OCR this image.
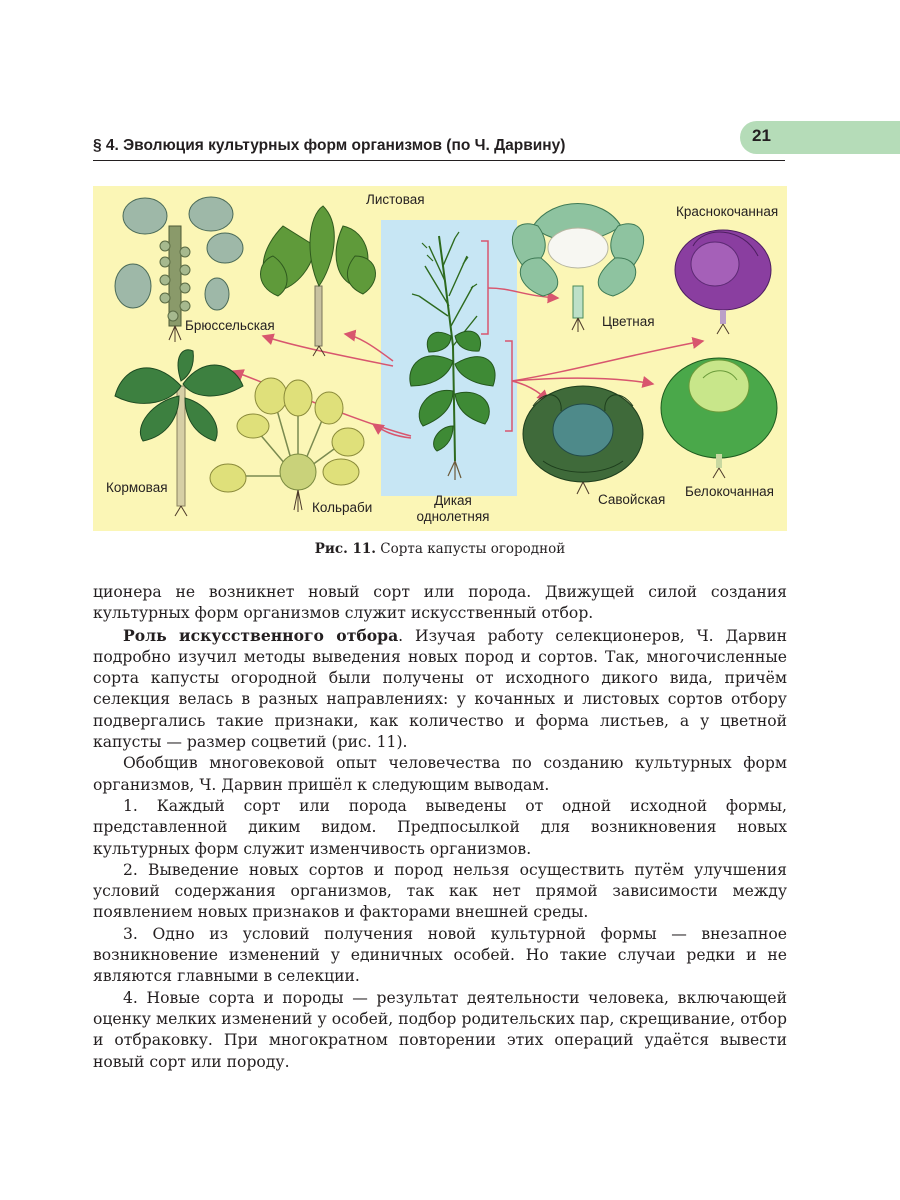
21
§ 4. Эволюция культурных форм организмов (по Ч. Дарвину)
Листовая
Краснокочанная
Брюссельская	Цветная
Кормовая
Кольраби	Дикая
однолетняя
Савойская
Белокочанная
Рис. 11. Сорта капусты огородной

ционера не возникнет новый сорт или порода. Движущей силой создания культурных форм организмов служит искусственный отбор.

Роль искусственного отбора. Изучая работу селекционеров, Ч. Дарвин подробно изучил методы выведения новых пород и сортов. Так, многочисленные сорта капусты огородной были получены от исходного дикого вида, причём селекция велась в разных направлениях: у кочанных и листовых сортов отбору подвергались такие признаки, как количество и форма листьев, а у цветной капусты — размер соцветий (рис. 11).

Обобщив многовековой опыт человечества по созданию культурных форм организмов, Ч. Дарвин пришёл к следующим выводам.

1. Каждый сорт или порода выведены от одной исходной формы, представленной диким видом. Предпосылкой для возникновения новых культурных форм служит изменчивость организмов.

2. Выведение новых сортов и пород нельзя осуществить путём улучшения условий содержания организмов, так как нет прямой зависимости между появлением новых признаков и факторами внешней среды.

3. Одно из условий получения новой культурной формы — внезапное возникновение изменений у единичных особей. Но такие случаи редки и не являются главными в селекции.

4. Новые сорта и породы — результат деятельности человека, включающей оценку мелких изменений у особей, подбор родительских пар, скрещивание, отбор и отбраковку. При многократном повторении этих операций удаётся вывести новый сорт или породу.
